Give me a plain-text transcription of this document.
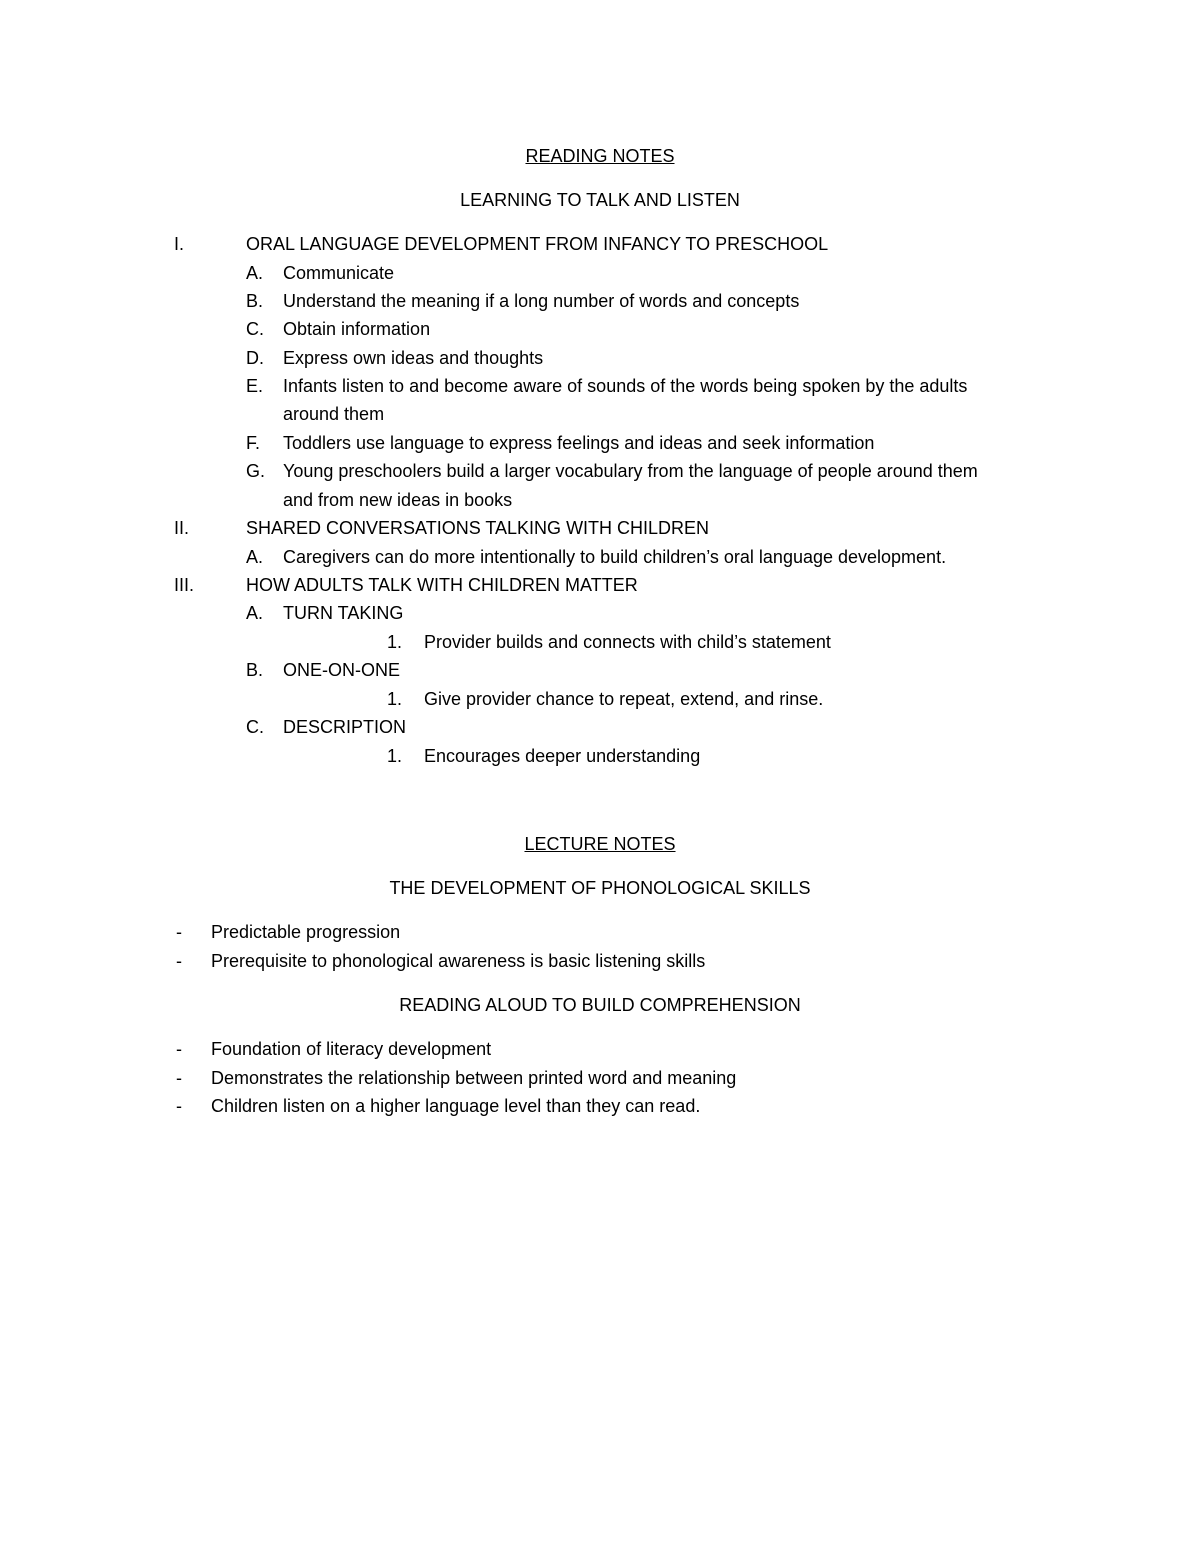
READING NOTES
LEARNING TO TALK AND LISTEN
I.	ORAL LANGUAGE DEVELOPMENT FROM INFANCY TO PRESCHOOL
A. Communicate
B. Understand the meaning if a long number of words and concepts
C. Obtain information
D. Express own ideas and thoughts
E. Infants listen to and become aware of sounds of the words being spoken by the adults
around them
F. Toddlers use language to express feelings and ideas and seek information
G. Young preschoolers build a larger vocabulary from the language of people around them
and from new ideas in books
II.	SHARED CONVERSATIONS TALKING WITH CHILDREN
A. Caregivers can do more intentionally to build children’s oral language development.
III.	HOW ADULTS TALK WITH CHILDREN MATTER
A. TURN TAKING
1. Provider builds and connects with child’s statement
B. ONE-ON-ONE
1. Give provider chance to repeat, extend, and rinse.
C. DESCRIPTION
1. Encourages deeper understanding
LECTURE NOTES
THE DEVELOPMENT OF PHONOLOGICAL SKILLS
- Predictable progression
- Prerequisite to phonological awareness is basic listening skills
READING ALOUD TO BUILD COMPREHENSION
- Foundation of literacy development
- Demonstrates the relationship between printed word and meaning
- Children listen on a higher language level than they can read.
